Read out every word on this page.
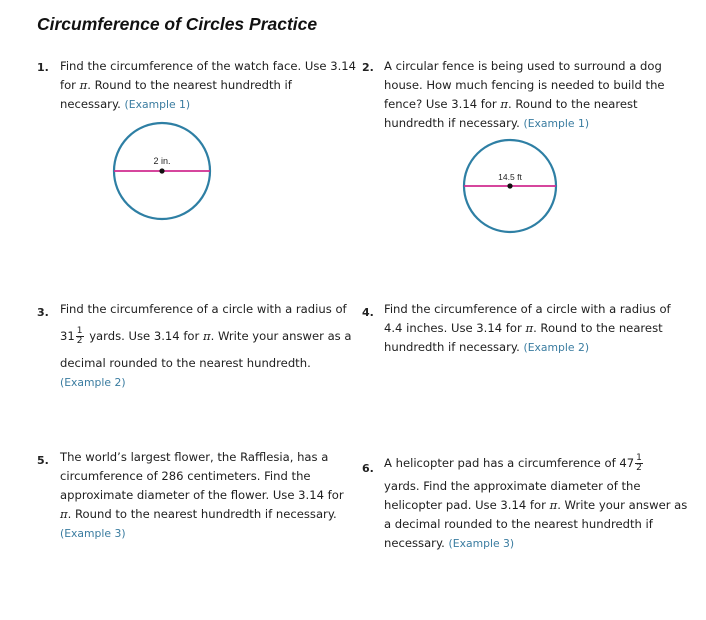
Circumference of Circles Practice
1. Find the circumference of the watch face. Use 3.14
for π. Round to the nearest hundredth if
necessary. (Example 1)
2 in.
2. A circular fence is being used to surround a dog
house. How much fencing is needed to build the
fence? Use 3.14 for π. Round to the nearest
hundredth if necessary. (Example 1)
14.5 ft
3. Find the circumference of a circle with a radius of
$31 \frac{1}{2}$ yards. Use 3.14 for π. Write your answer as a
decimal rounded to the nearest hundredth.
(Example 2)
4. Find the circumference of a circle with a radius of
4.4 inches. Use 3.14 for π. Round to the nearest
hundredth if necessary. (Example 2)
5. The world’s largest flower, the Rafflesia, has a
circumference of 286 centimeters. Find the
approximate diameter of the flower. Use 3.14 for
π. Round to the nearest hundredth if necessary.
(Example 3)
6. A helicopter pad has a circumference of $47 \frac{1}{2}$

yards. Find the approximate diameter of the
helicopter pad. Use 3.14 for π. Write your answer as
a decimal rounded to the nearest hundredth if
necessary. (Example 3)
